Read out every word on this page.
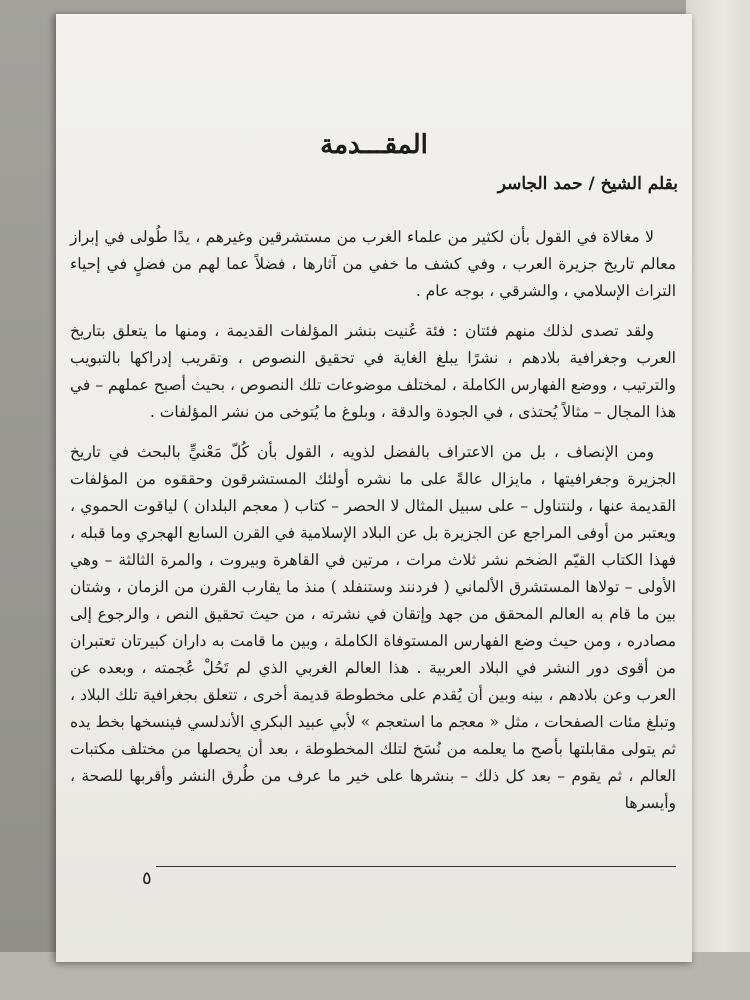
المقـــدمة
بقلم الشيخ / حمد الجاسر

لا مغالاة في القول بأن لكثير من علماء الغرب من مستشرقين وغيرهم ، يدًا طُولى في إبراز معالم تاريخ جزيرة العرب ، وفي كشف ما خفي من آثارها ، فضلاً عما لهم من فضلٍ في إحياء التراث الإسلامي ، والشرقي ، بوجه عام .

ولقد تصدى لذلك منهم فئتان : فئة عُنيت بنشر المؤلفات القديمة ، ومنها ما يتعلق بتاريخ العرب وجغرافية بلادهم ، نشرًا يبلغ الغاية في تحقيق النصوص ، وتقريب إدراكها بالتبويب والترتيب ، ووضع الفهارس الكاملة ، لمختلف موضوعات تلك النصوص ، بحيث أصبح عملهم – في هذا المجال – مثالاً يُحتذى ، في الجودة والدقة ، وبلوغ ما يُتوخى من نشر المؤلفات .

ومن الإنصاف ، بل من الاعتراف بالفضل لذويه ، القول بأن كُلّ مَعْنيٍّ بالبحث في تاريخ الجزيرة وجغرافيتها ، مايزال عالةً على ما نشره أولئك المستشرقون وحققوه من المؤلفات القديمة عنها ، ولنتناول – على سبيل المثال لا الحصر – كتاب ( معجم البلدان ) لياقوت الحموي ، ويعتبر من أوفى المراجع عن الجزيرة بل عن البلاد الإسلامية في القرن السابع الهجري وما قبله ، فهذا الكتاب القيّم الضخم نشر ثلاث مرات ، مرتين في القاهرة وبيروت ، والمرة الثالثة – وهي الأولى – تولاها المستشرق الألماني ( فردنند وستنفلد ) منذ ما يقارب القرن من الزمان ، وشتان بين ما قام به العالم المحقق من جهد وإتقان في نشرته ، من حيث تحقيق النص ، والرجوع إلى مصادره ، ومن حيث وضع الفهارس المستوفاة الكاملة ، وبين ما قامت به داران كبيرتان تعتبران من أقوى دور النشر في البلاد العربية . هذا العالم الغربي الذي لم تَحُلْ عُجمته ، وبعده عن العرب وعن بلادهم ، بينه وبين أن يُقدم على مخطوطة قديمة أخرى ، تتعلق بجغرافية تلك البلاد ، وتبلغ مئات الصفحات ، مثل « معجم ما استعجم » لأبي عبيد البكري الأندلسي فينسخها بخط يده ثم يتولى مقابلتها بأصح ما يعلمه من نُسَخ لتلك المخطوطة ، بعد أن يحصلها من مختلف مكتبات العالم ، ثم يقوم – بعد كل ذلك – بنشرها على خير ما عرف من طُرق النشر وأقربها للصحة ، وأيسرها

٥
